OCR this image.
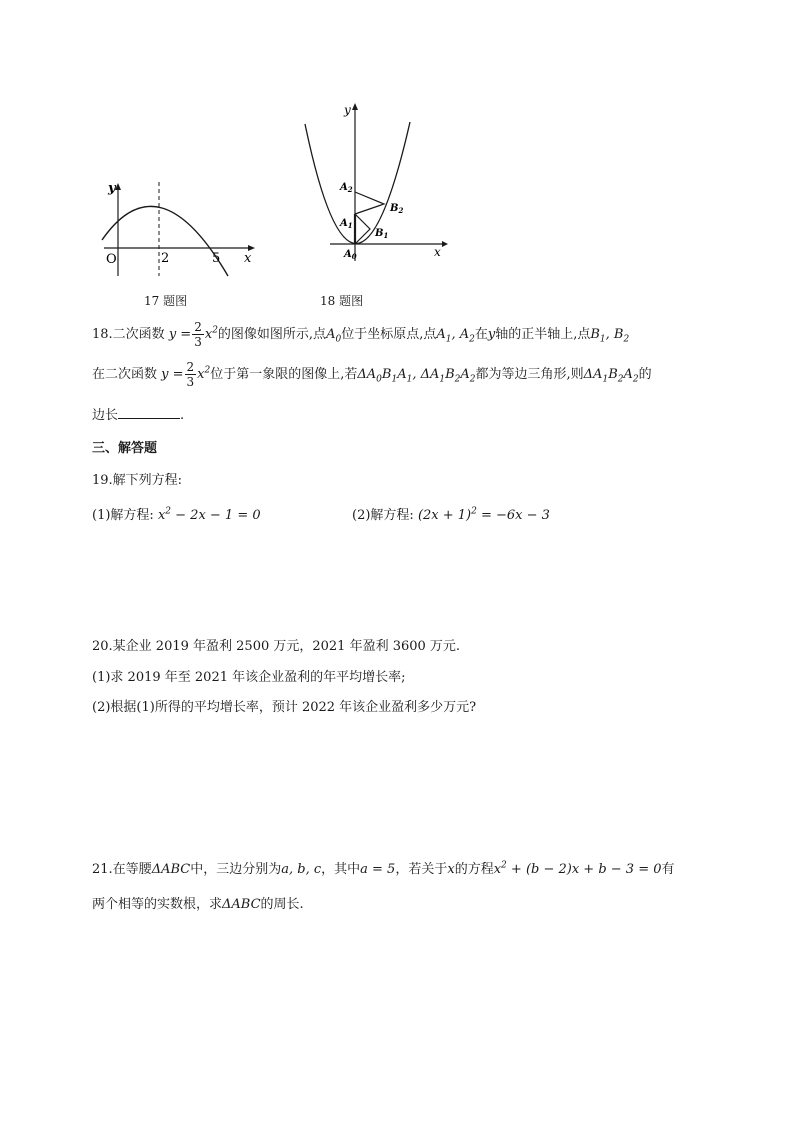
y
x
O	2	5
17 题图
y
x
$A_2$
$A_1$
$A_0$
$B_2$
$B_1$
18 题图
18.二次函数 $y = \frac{2}{3} x^2$的图像如图所示,点$A_0$位于坐标原点,点$A_1$, $A_2$在y轴的正半轴上,点$B_1$, $B_2$
在二次函数 $y = \frac{2}{3} x^2$位于第一象限的图像上,若$\Delta A_0B_1A_1$, $\Delta A_1B_2A_2$都为等边三角形,则$\Delta A_1B_2A_2$的
边长	.
三、解答题
19.解下列方程:
(1)解方程: $x^2 - 2x - 1 = 0$	(2)解方程: $(2x + 1)^2 = -6x - 3$
20.某企业 2019 年盈利 2500 万元，2021 年盈利 3600 万元.
(1)求 2019 年至 2021 年该企业盈利的年平均增长率;
(2)根据(1)所得的平均增长率，预计 2022 年该企业盈利多少万元?
21.在等腰ΔABC中，三边分别为a, b, c，其中a = 5，若关于x的方程$x^2 + (b - 2)x + b - 3 = 0$有
两个相等的实数根，求ΔABC的周长.
